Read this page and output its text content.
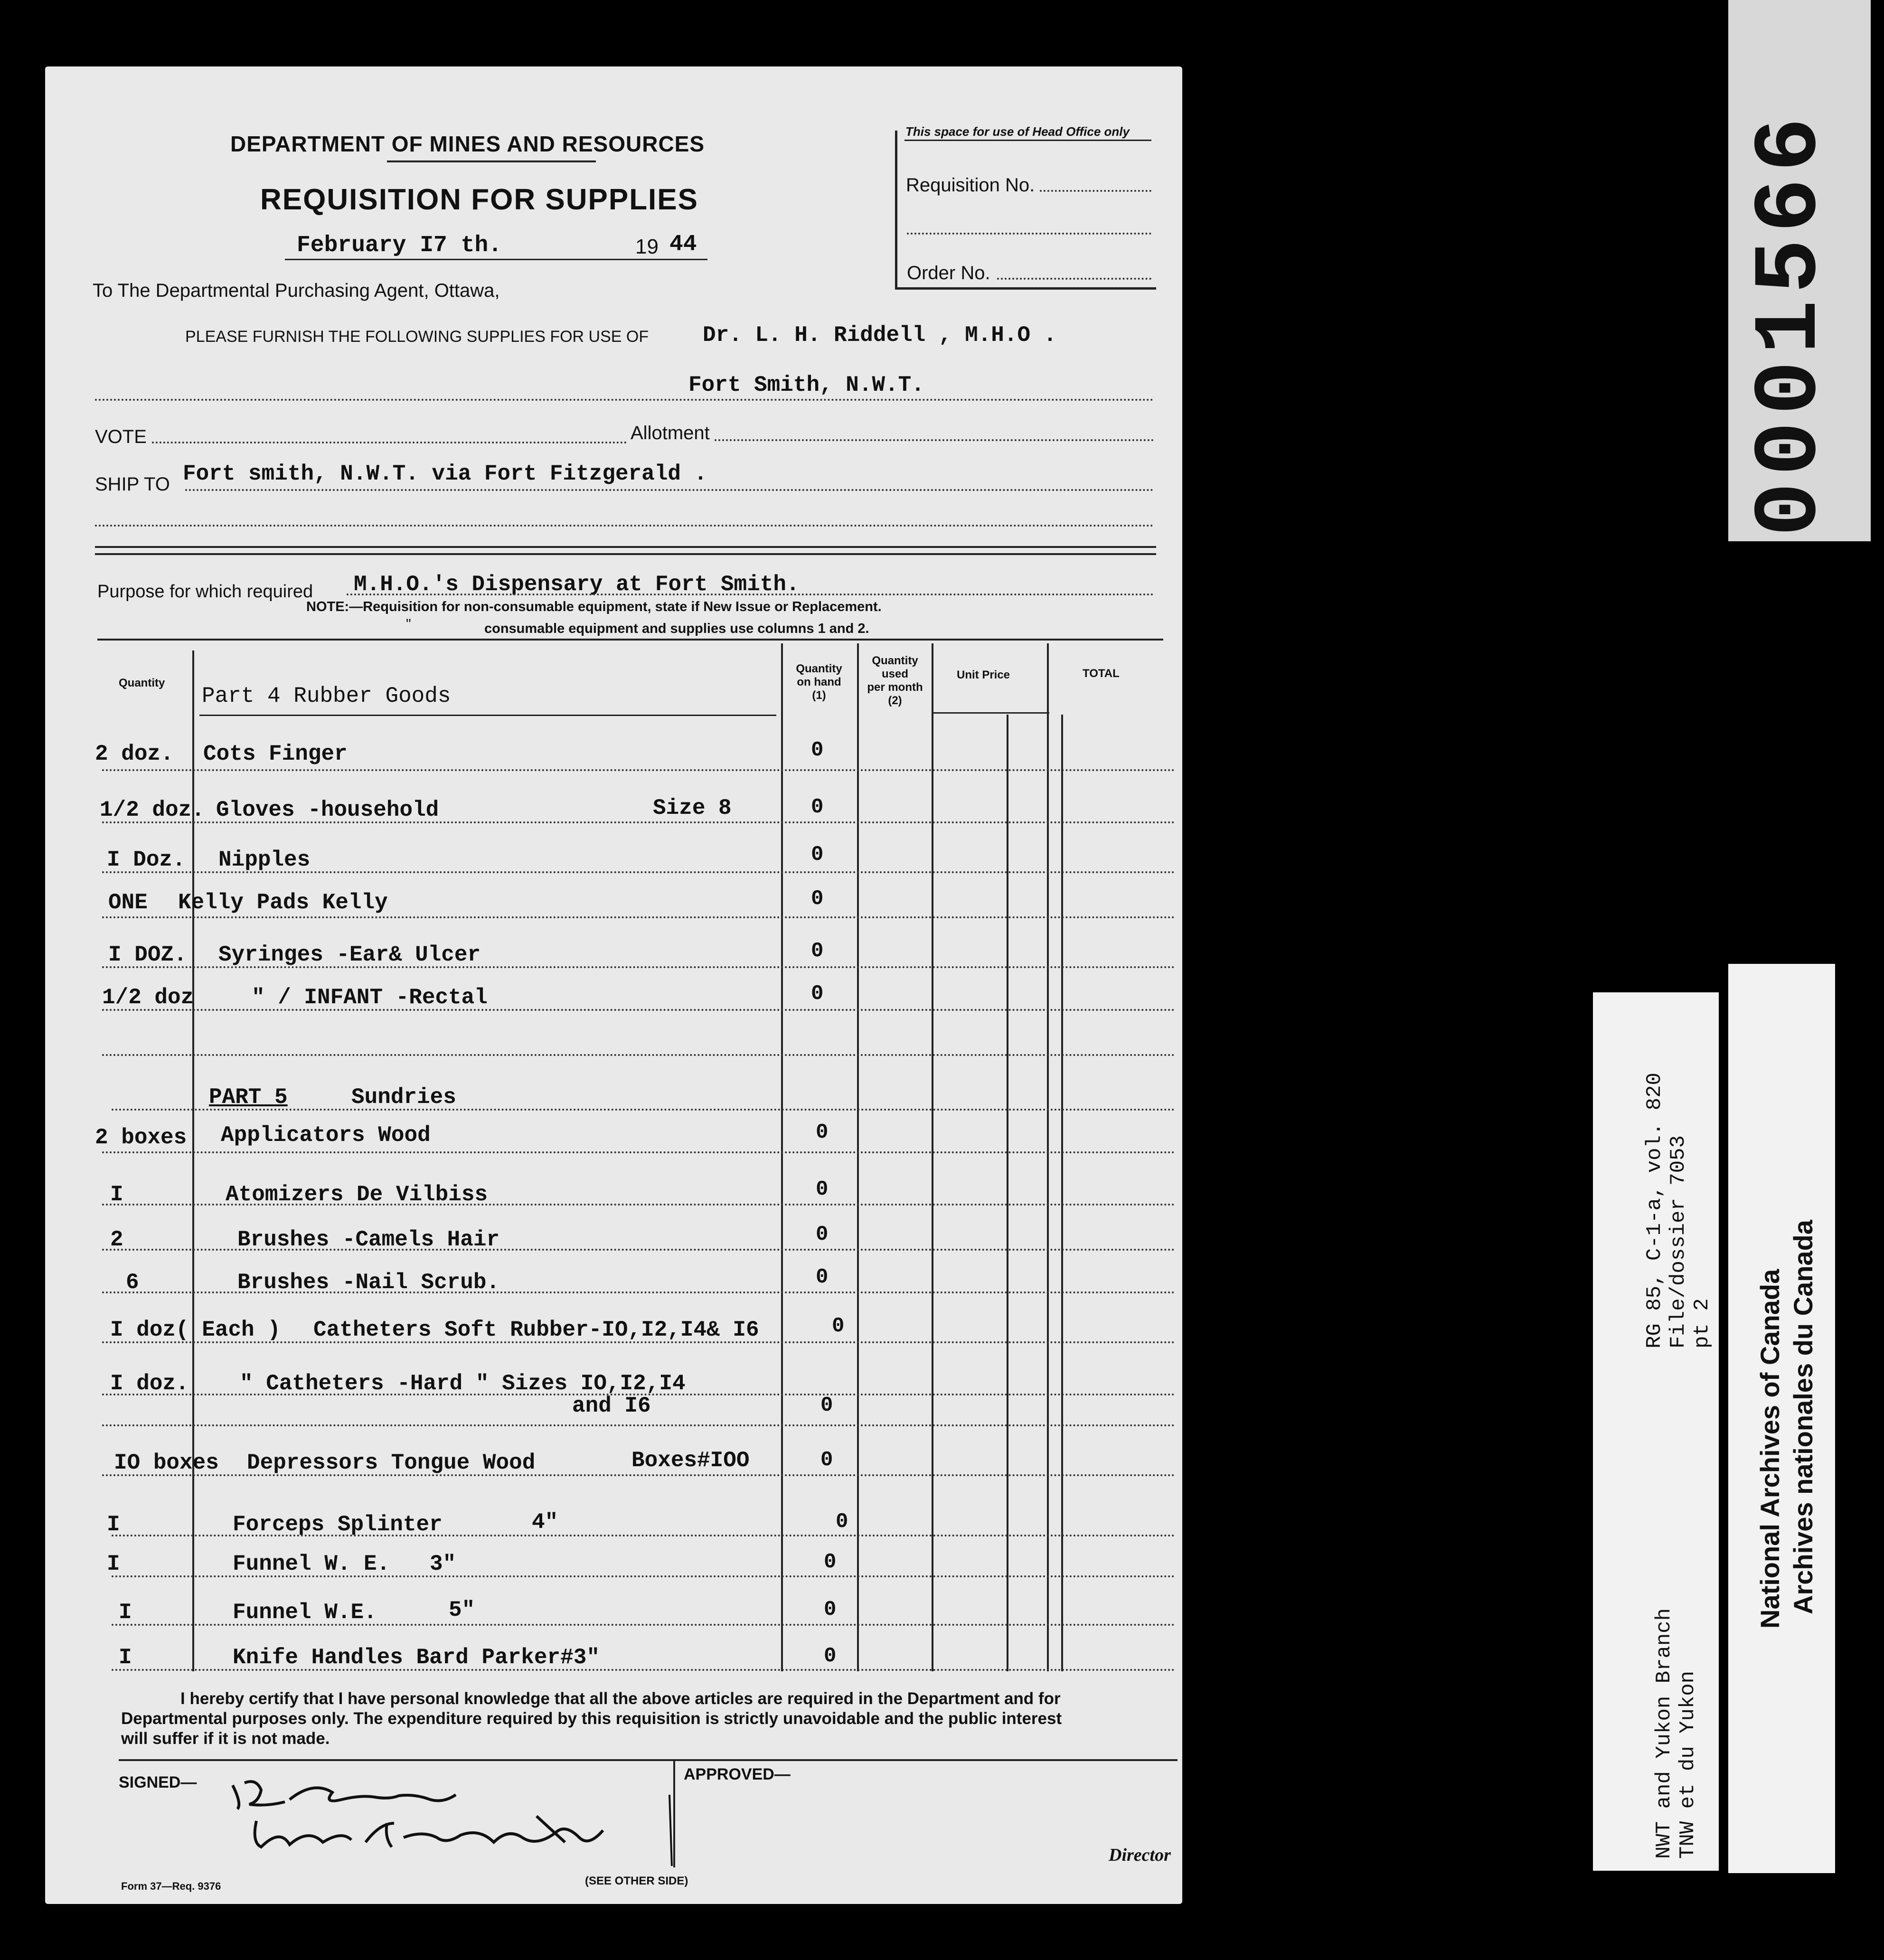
DEPARTMENT OF MINES AND RESOURCES
REQUISITION FOR SUPPLIES
February I7 th.	19 44
To The Departmental Purchasing Agent, Ottawa,
This space for use of Head Office only
Requisition No.
Order No.
PLEASE FURNISH THE FOLLOWING SUPPLIES FOR USE OF Dr. L. H. Riddell , M.H.O .
Fort Smith, N.W.T.
VOTE	Allotment
SHIP TO Fort smith, N.W.T. via Fort Fitzgerald .
Purpose for which required M.H.O.'s Dispensary at Fort Smith.
NOTE:—Requisition for non-consumable equipment, state if New Issue or Replacement.
"	consumable equipment and supplies use columns 1 and 2.
Quantity
Quantity
on hand
(1)
Quantity
used
per month
(2)
Unit Price	TOTAL
Part 4 Rubber Goods
2 doz. Cots Finger	0
1/2 doz. Gloves -household	Size 8	0
I Doz. Nipples	0
ONE Kelly Pads Kelly	0
I DOZ. Syringes -Ear& Ulcer	0
1/2 doz	" / INFANT -Rectal	0
PART 5	Sundries
2 boxes Applicators Wood	0
I	Atomizers De Vilbiss	0
2	Brushes -Camels Hair	0
6	Brushes -Nail Scrub.	0
I doz( Each ) Catheters Soft Rubber-IO,I2,I4& I6	0
I doz. " Catheters -Hard " Sizes IO,I2,I4
and I6	0
IO boxes Depressors Tongue Wood	Boxes#IOO	0
I	Forceps Splinter	4"	0
I	Funnel W. E. 3"	0
I	Funnel W.E.	5"	0
I	Knife Handles Bard Parker#3"	0
I hereby certify that I have personal knowledge that all the above articles are required in the Department and for
Departmental purposes only. The expenditure required by this requisition is strictly unavoidable and the public interest
will suffer if it is not made.
SIGNED—	APPROVED—
Director
Form 37—Req. 9376	(SEE OTHER SIDE)
0001566
RG 85, C-1-a, vol. 820 File/dossier 7053 pt 2
NWT and Yukon Branch TNW et du Yukon
National Archives of Canada Archives nationales du Canada
